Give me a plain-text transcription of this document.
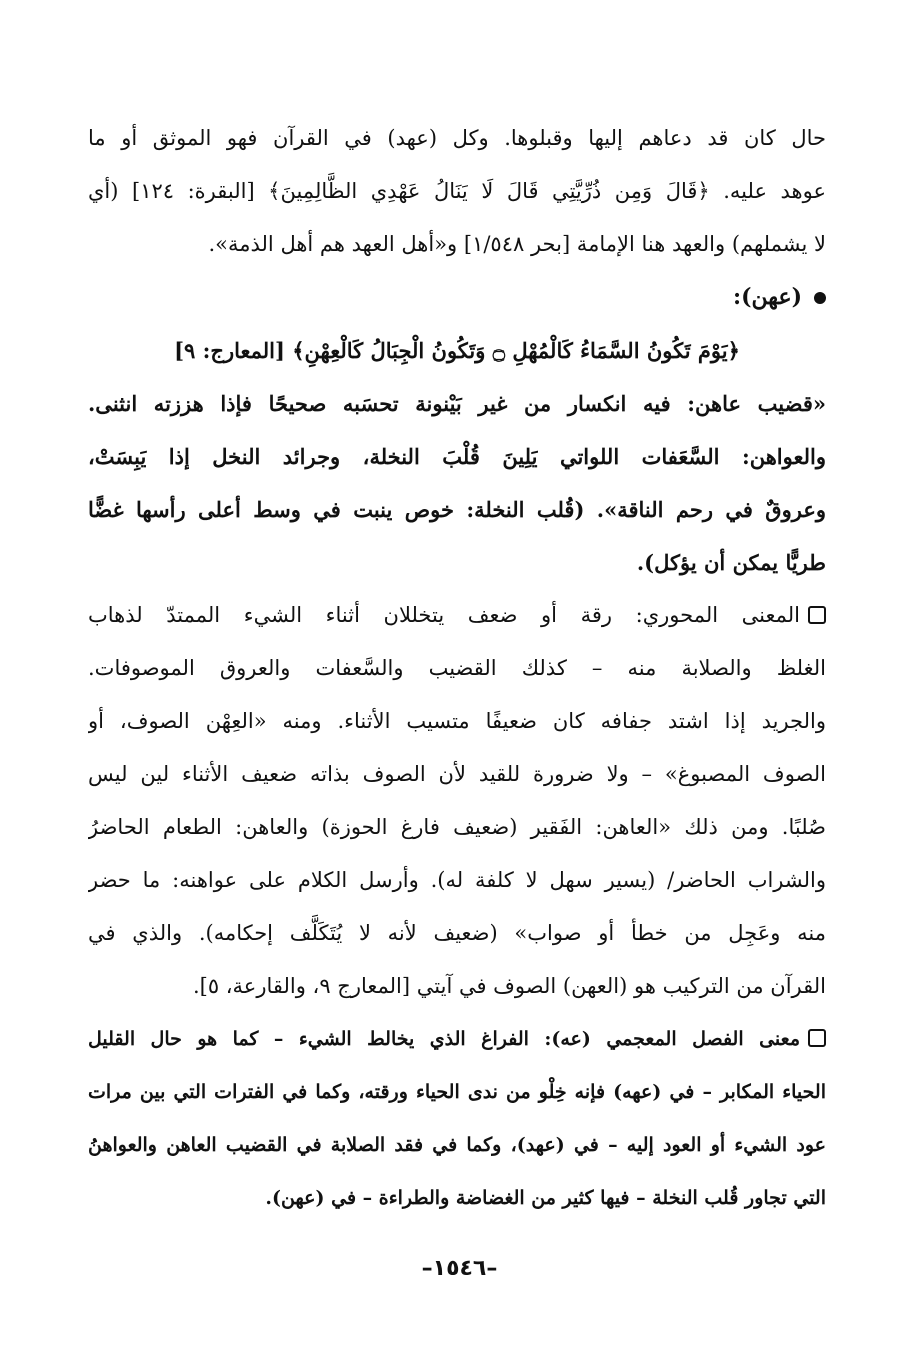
حال كان قد دعاهم إليها وقبلوها. وكل (عهد) في القرآن فهو الموثق أو ما
عوهد عليه. ﴿قَالَ وَمِن ذُرِّيَّتِي قَالَ لَا يَنَالُ عَهْدِي الظَّالِمِينَ﴾ [البقرة: ١٢٤] (أي
لا يشملهم) والعهد هنا الإمامة [بحر ١/٥٤٨] و«أهل العهد هم أهل الذمة».
(عهن):
﴿يَوْمَ تَكُونُ السَّمَاءُ كَالْمُهْلِ ۝ وَتَكُونُ الْجِبَالُ كَالْعِهْنِ﴾ [المعارج: ٩]
«قضيب عاهن: فيه انكسار من غير بَيْنونة تحسَبه صحيحًا فإذا هززته انثنى.
والعواهن: السَّعَفات اللواتي يَلِينَ قُلْبَ النخلة، وجرائد النخل إذا يَبِسَتْ،
وعروقٌ في رحم الناقة». (قُلب النخلة: خوص ينبت في وسط أعلى رأسها غضًّا
طريًّا يمكن أن يؤكل).
المعنى المحوري: رقة أو ضعف يتخللان أثناء الشيء الممتدّ لذهاب
الغلظ والصلابة منه – كذلك القضيب والسَّعفات والعروق الموصوفات.
والجريد إذا اشتد جفافه كان ضعيفًا متسيب الأثناء. ومنه «العِهْن الصوف، أو
الصوف المصبوغ» – ولا ضرورة للقيد لأن الصوف بذاته ضعيف الأثناء لين ليس
صُلبًا. ومن ذلك «العاهن: الفَقير (ضعيف فارغ الحوزة) والعاهن: الطعام الحاضرُ
والشراب الحاضر/ (يسير سهل لا كلفة له). وأرسل الكلام على عواهنه: ما حضر
منه وعَجِل من خطأ أو صواب» (ضعيف لأنه لا يُتَكَلَّف إحكامه). والذي في
القرآن من التركيب هو (العهن) الصوف في آيتي [المعارج ٩، والقارعة، ٥].
معنى الفصل المعجمي (عه): الفراغ الذي يخالط الشيء – كما هو حال القليل
الحياء المكابر – في (عهه) فإنه خِلْو من ندى الحياء ورقته، وكما في الفترات التي بين مرات
عود الشيء أو العود إليه – في (عهد)، وكما في فقد الصلابة في القضيب العاهن والعواهنُ
التي تجاور قُلب النخلة – فيها كثير من الغضاضة والطراءة – في (عهن).
–١٥٤٦–
